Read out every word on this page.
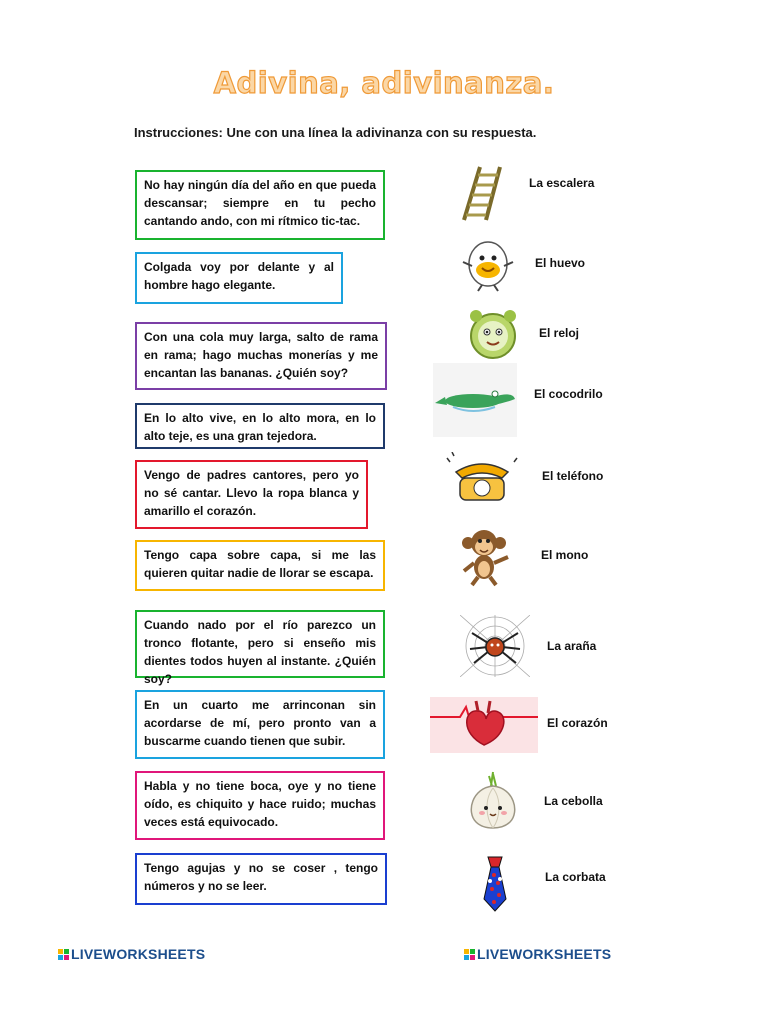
Adivina, adivinanza.
Instrucciones: Une con una línea la adivinanza con su respuesta.
No hay ningún día del año en que pueda descansar; siempre en tu pecho cantando ando, con mi rítmico tic-tac.
Colgada voy por delante y al hombre hago elegante.
Con una cola muy larga, salto de rama en rama; hago muchas monerías y me encantan las bananas. ¿Quién soy?
En lo alto vive, en lo alto mora, en lo alto teje, es una gran tejedora.
Vengo de padres cantores, pero yo no sé cantar. Llevo la ropa blanca y amarillo el corazón.
Tengo capa sobre capa, si me las quieren quitar nadie de llorar se escapa.
Cuando nado por el río parezco un tronco flotante, pero si enseño mis dientes todos huyen al instante. ¿Quién soy?
En un cuarto me arrinconan sin acordarse de mí, pero pronto van a buscarme cuando tienen que subir.
Habla y no tiene boca, oye y no tiene oído, es chiquito y hace ruido; muchas veces está equivocado.
Tengo agujas y no se coser , tengo números y no se leer.
La escalera
El huevo
El reloj
El cocodrilo
El teléfono
El mono
La araña
El corazón
La cebolla
La corbata
LIVEWORKSHEETS	LIVEWORKSHEETS
